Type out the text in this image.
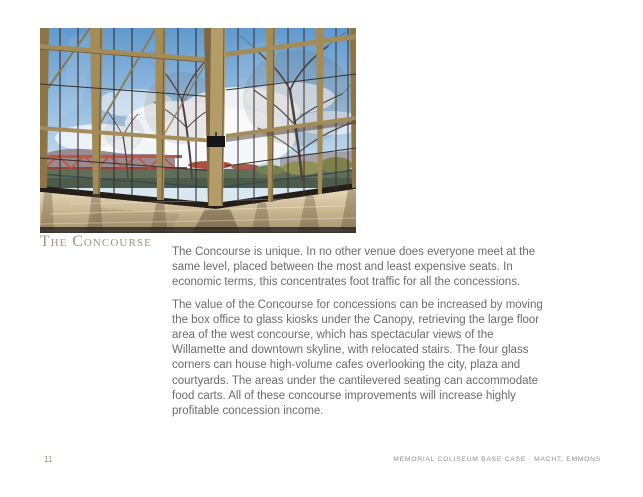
The Concourse

The Concourse is unique. In no other venue does everyone meet at the same level, placed between the most and least expensive seats. In economic terms, this concentrates foot traffic for all the concessions.

The value of the Concourse for concessions can be increased by moving the box office to glass kiosks under the Canopy, retrieving the large floor area of the west concourse, which has spectacular views of the Willamette and downtown skyline, with relocated stairs. The four glass corners can house high-volume cafes overlooking the city, plaza and courtyards. The areas under the cantilevered seating can accommodate food carts. All of these concourse improvements will increase highly profitable concession income.

11	MEMORIAL COLISEUM BASE CASE · MACHT, EMMONS
